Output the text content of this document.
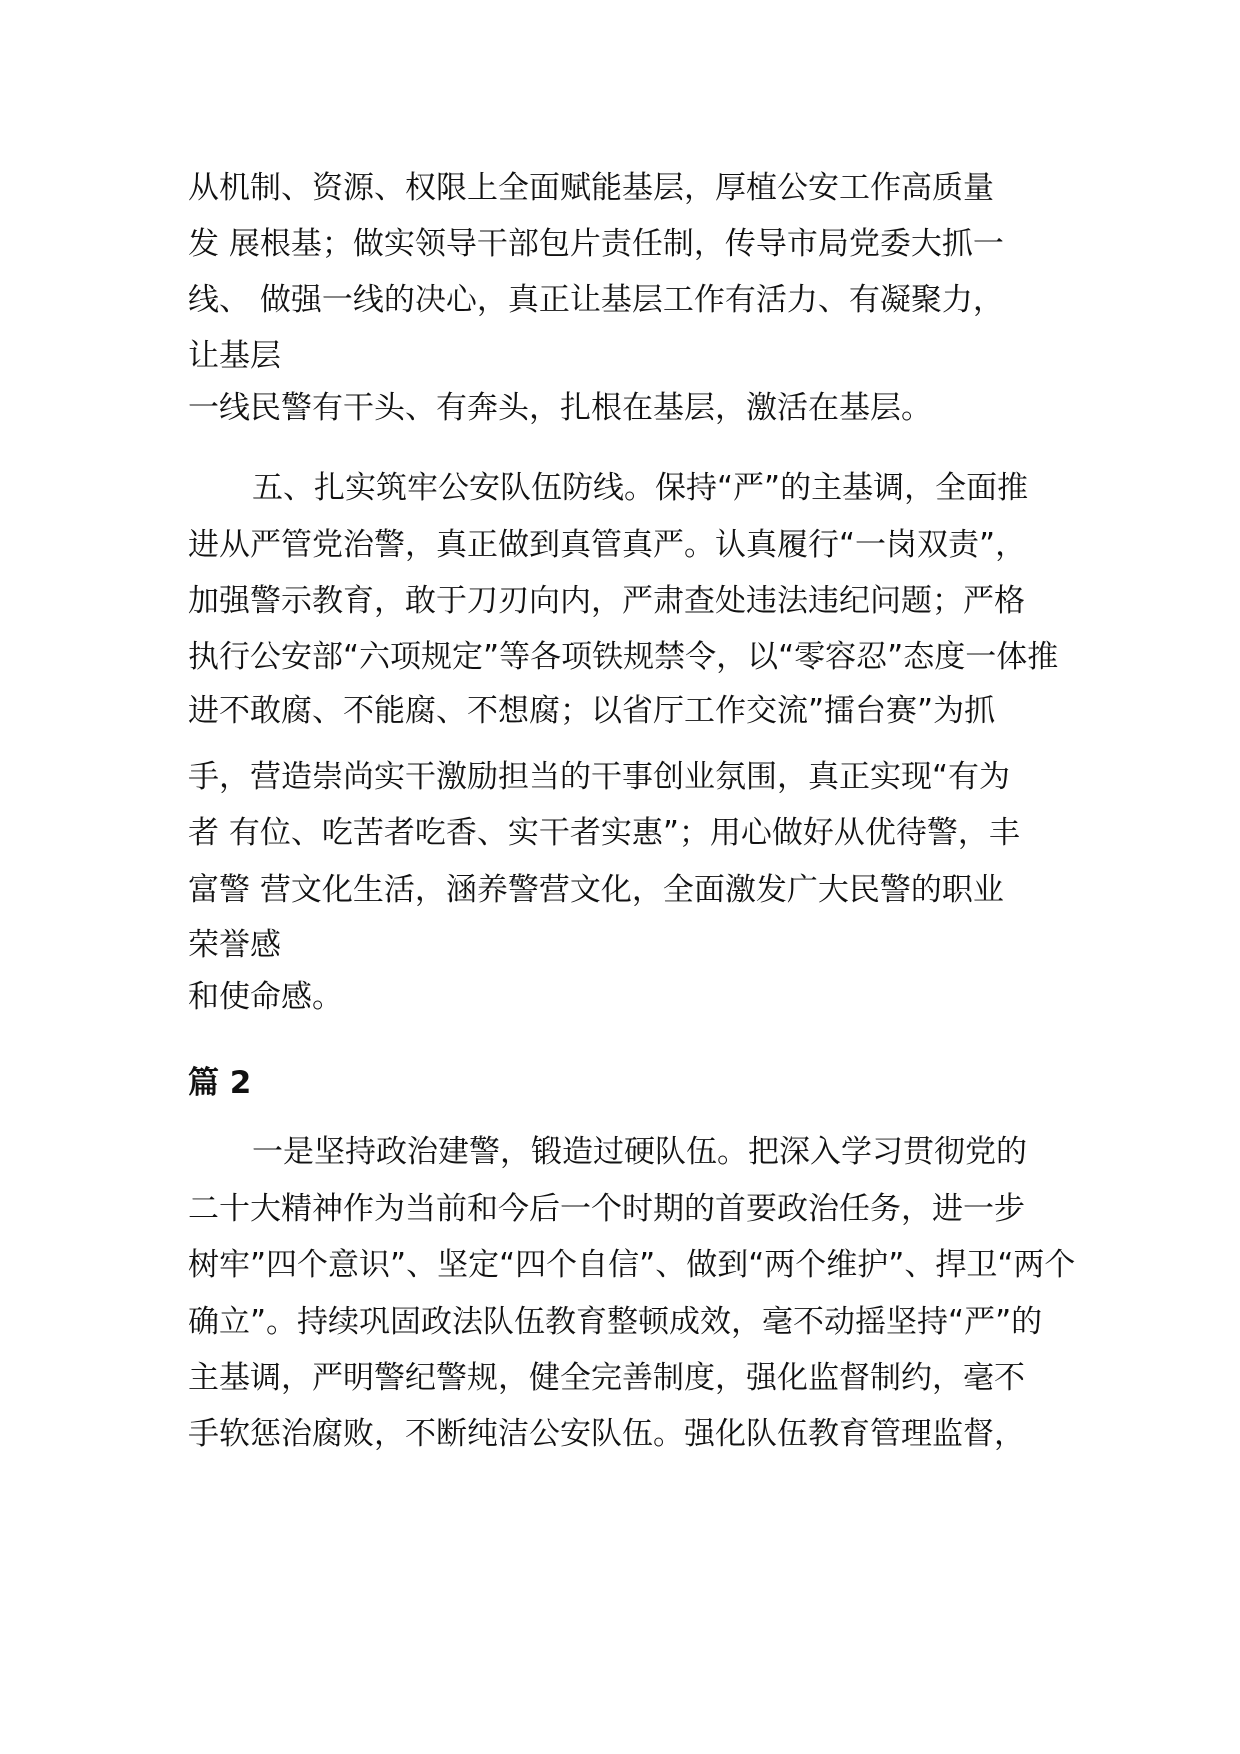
从机制、资源、权限上全面赋能基层，厚植公安工作高质量

发 展根基；做实领导干部包片责任制，传导市局党委大抓一

线、 做强一线的决心，真正让基层工作有活力、有凝聚力，

让基层

一线民警有干头、有奔头，扎根在基层，激活在基层。

五、扎实筑牢公安队伍防线。保持“严”的主基调，全面推

进从严管党治警，真正做到真管真严。认真履行“一岗双责”，

加强警示教育，敢于刀刃向内，严肃查处违法违纪问题；严格

执行公安部“六项规定”等各项铁规禁令，以“零容忍”态度一体推

进不敢腐、不能腐、不想腐；以省厅工作交流”擂台赛”为抓

手，营造崇尚实干激励担当的干事创业氛围，真正实现“有为

者 有位、吃苦者吃香、实干者实惠”；用心做好从优待警，丰

富警 营文化生活，涵养警营文化，全面激发广大民警的职业

荣誉感

和使命感。

篇 2

一是坚持政治建警，锻造过硬队伍。把深入学习贯彻党的

二十大精神作为当前和今后一个时期的首要政治任务，进一步

树牢”四个意识”、坚定“四个自信”、做到“两个维护”、捍卫“两个

确立”。持续巩固政法队伍教育整顿成效，毫不动摇坚持“严”的

主基调，严明警纪警规，健全完善制度，强化监督制约，毫不

手软惩治腐败，不断纯洁公安队伍。强化队伍教育管理监督，
